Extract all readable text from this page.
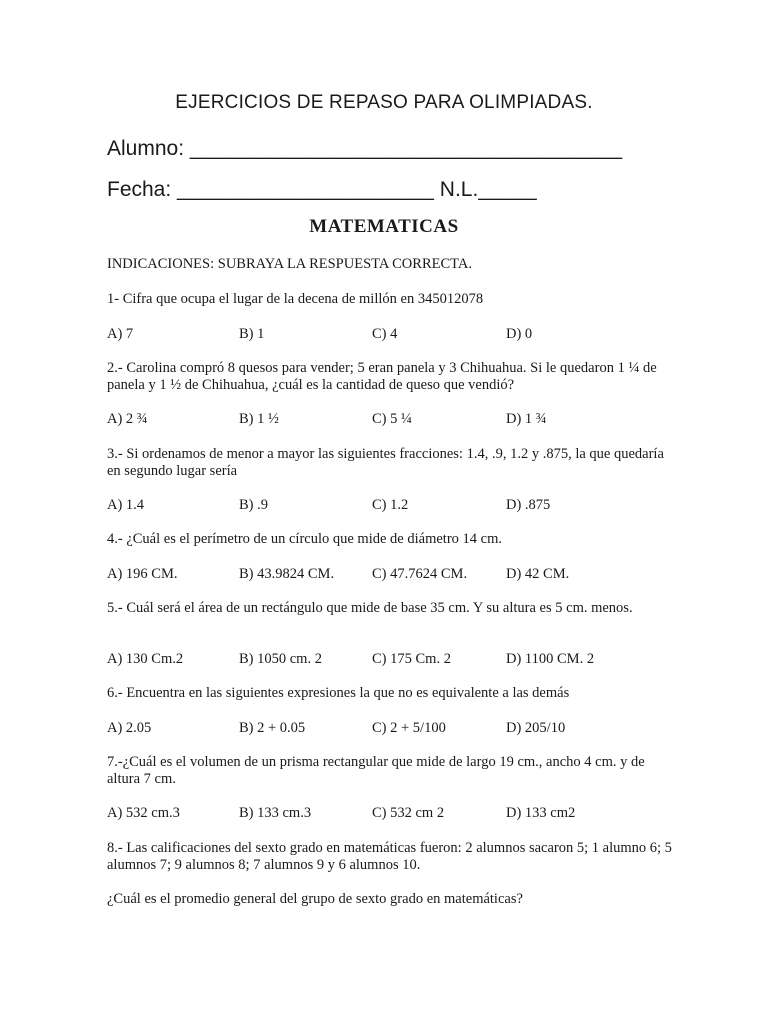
EJERCICIOS DE REPASO PARA OLIMPIADAS.
Alumno: _____________________________________
Fecha: ______________________ N.L._____
MATEMATICAS
INDICACIONES: SUBRAYA LA RESPUESTA CORRECTA.
1- Cifra que ocupa el lugar de la decena de millón en 345012078
A) 7	B) 1	C) 4	D) 0
2.- Carolina compró 8 quesos para vender; 5 eran panela y 3 Chihuahua. Si le quedaron 1 ¼ de panela y 1 ½ de Chihuahua, ¿cuál es la cantidad de queso que vendió?
A) 2 ¾	B) 1 ½	C) 5 ¼	D) 1 ¾
3.- Si ordenamos de menor a mayor las siguientes fracciones: 1.4, .9, 1.2 y .875, la que quedaría en segundo lugar sería
A) 1.4	B) .9	C) 1.2	D) .875
4.- ¿Cuál es el perímetro de un círculo que mide de diámetro 14 cm.
A) 196 CM.	B) 43.9824 CM.	C) 47.7624 CM.	D) 42 CM.
5.- Cuál será el área de un rectángulo que mide de base 35 cm. Y su altura es 5 cm. menos.
A) 130 Cm.2	B) 1050 cm. 2	C) 175 Cm. 2	D) 1100 CM. 2
6.- Encuentra en las siguientes expresiones la que no es equivalente a las demás
A) 2.05	B) 2 + 0.05	C) 2 + 5/100	D) 205/10
7.-¿Cuál es el volumen de un prisma rectangular que mide de largo 19 cm., ancho 4 cm. y de altura 7 cm.
A) 532 cm.3	B) 133 cm.3	C) 532 cm 2	D) 133 cm2
8.- Las calificaciones del sexto grado en matemáticas fueron: 2 alumnos sacaron 5; 1 alumno 6; 5 alumnos 7; 9 alumnos 8; 7 alumnos 9 y 6 alumnos 10.
¿Cuál es el promedio general del grupo de sexto grado en matemáticas?
